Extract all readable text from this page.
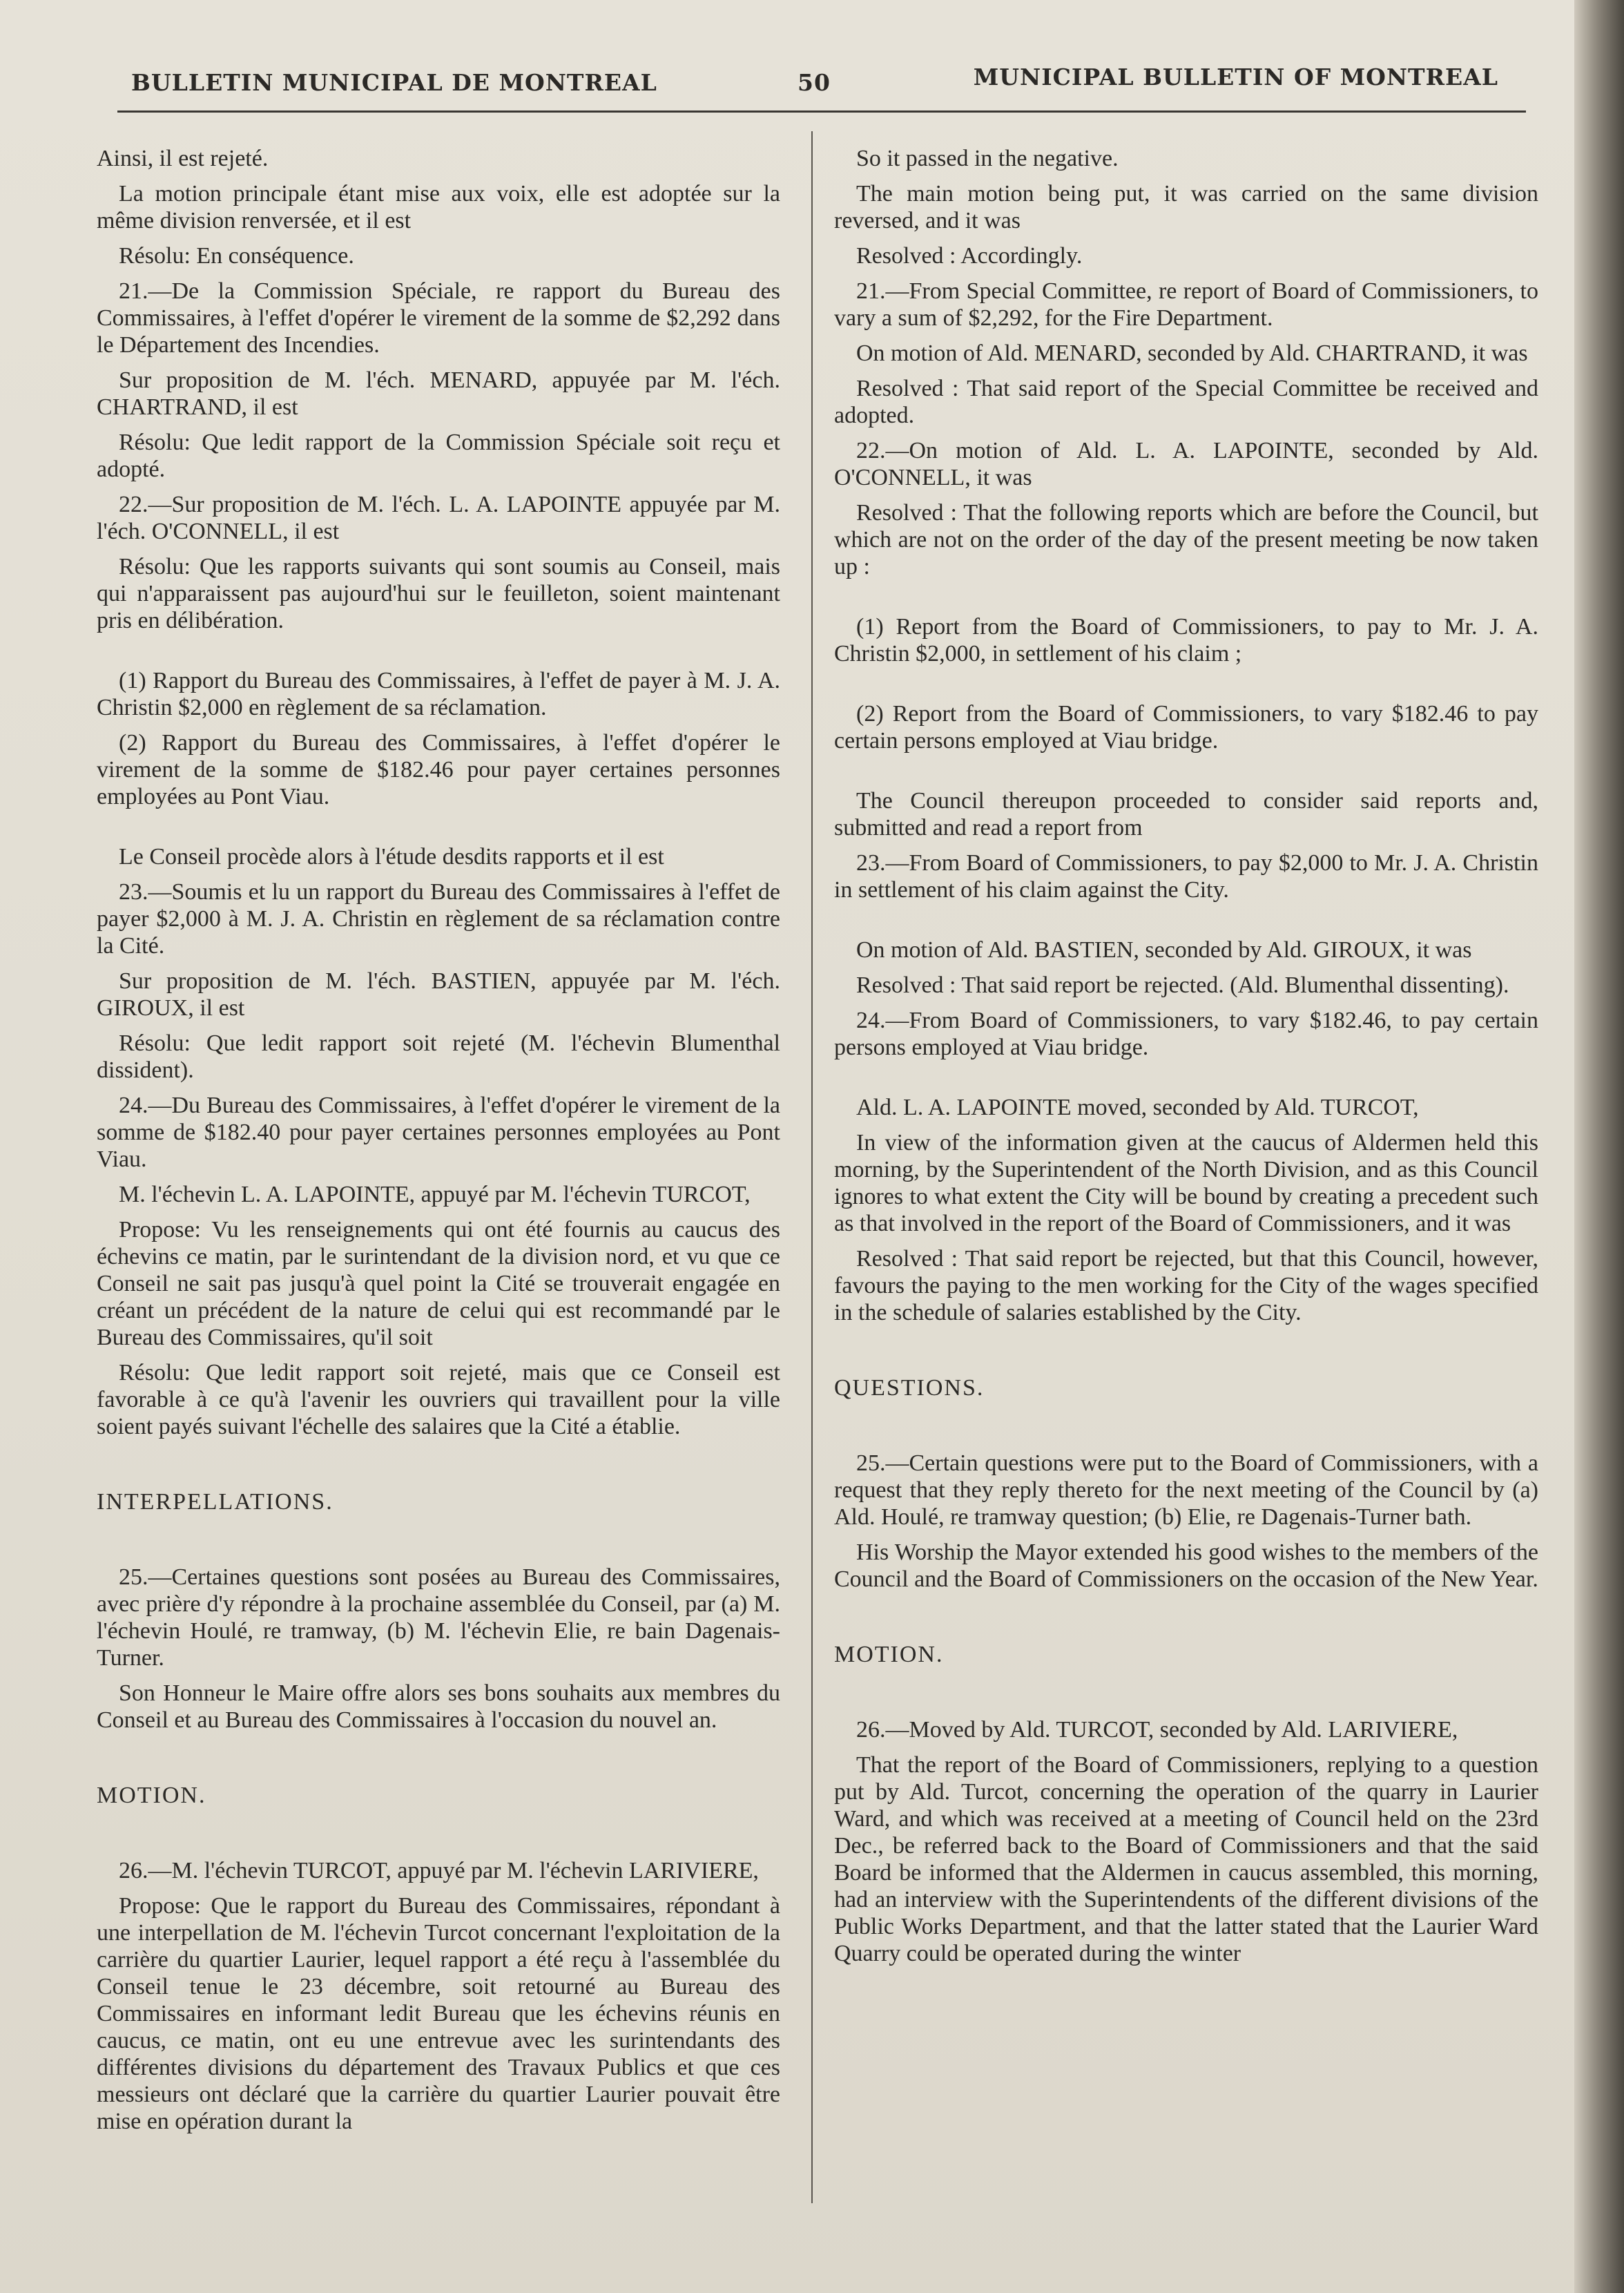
BULLETIN MUNICIPAL DE MONTREAL	50	MUNICIPAL BULLETIN OF MONTREAL

Ainsi, il est rejeté.

La motion principale étant mise aux voix, elle est adoptée sur la même division renversée, et il est

Résolu: En conséquence.

21.—De la Commission Spéciale, re rapport du Bureau des Commissaires, à l'effet d'opérer le virement de la somme de $2,292 dans le Département des Incendies.

Sur proposition de M. l'éch. MENARD, appuyée par M. l'éch. CHARTRAND, il est

Résolu: Que ledit rapport de la Commission Spéciale soit reçu et adopté.

22.—Sur proposition de M. l'éch. L. A. LAPOINTE appuyée par M. l'éch. O'CONNELL, il est

Résolu: Que les rapports suivants qui sont soumis au Conseil, mais qui n'apparaissent pas aujourd'hui sur le feuilleton, soient maintenant pris en délibération.

(1) Rapport du Bureau des Commissaires, à l'effet de payer à M. J. A. Christin $2,000 en règlement de sa réclamation.

(2) Rapport du Bureau des Commissaires, à l'effet d'opérer le virement de la somme de $182.46 pour payer certaines personnes employées au Pont Viau.

Le Conseil procède alors à l'étude desdits rapports et il est

23.—Soumis et lu un rapport du Bureau des Commissaires à l'effet de payer $2,000 à M. J. A. Christin en règlement de sa réclamation contre la Cité.

Sur proposition de M. l'éch. BASTIEN, appuyée par M. l'éch. GIROUX, il est

Résolu: Que ledit rapport soit rejeté (M. l'échevin Blumenthal dissident).

24.—Du Bureau des Commissaires, à l'effet d'opérer le virement de la somme de $182.40 pour payer certaines personnes employées au Pont Viau.

M. l'échevin L. A. LAPOINTE, appuyé par M. l'échevin TURCOT,

Propose: Vu les renseignements qui ont été fournis au caucus des échevins ce matin, par le surintendant de la division nord, et vu que ce Conseil ne sait pas jusqu'à quel point la Cité se trouverait engagée en créant un précédent de la nature de celui qui est recommandé par le Bureau des Commissaires, qu'il soit

Résolu: Que ledit rapport soit rejeté, mais que ce Conseil est favorable à ce qu'à l'avenir les ouvriers qui travaillent pour la ville soient payés suivant l'échelle des salaires que la Cité a établie.

INTERPELLATIONS.

25.—Certaines questions sont posées au Bureau des Commissaires, avec prière d'y répondre à la prochaine assemblée du Conseil, par (a) M. l'échevin Houlé, re tramway, (b) M. l'échevin Elie, re bain Dagenais-Turner.

Son Honneur le Maire offre alors ses bons souhaits aux membres du Conseil et au Bureau des Commissaires à l'occasion du nouvel an.

MOTION.

26.—M. l'échevin TURCOT, appuyé par M. l'échevin LARIVIERE,

Propose: Que le rapport du Bureau des Commissaires, répondant à une interpellation de M. l'échevin Turcot concernant l'exploitation de la carrière du quartier Laurier, lequel rapport a été reçu à l'assemblée du Conseil tenue le 23 décembre, soit retourné au Bureau des Commissaires en informant ledit Bureau que les échevins réunis en caucus, ce matin, ont eu une entrevue avec les surintendants des différentes divisions du département des Travaux Publics et que ces messieurs ont déclaré que la carrière du quartier Laurier pouvait être mise en opération durant la

So it passed in the negative.

The main motion being put, it was carried on the same division reversed, and it was

Resolved : Accordingly.

21.—From Special Committee, re report of Board of Commissioners, to vary a sum of $2,292, for the Fire Department.

On motion of Ald. MENARD, seconded by Ald. CHARTRAND, it was

Resolved : That said report of the Special Committee be received and adopted.

22.—On motion of Ald. L. A. LAPOINTE, seconded by Ald. O'CONNELL, it was

Resolved : That the following reports which are before the Council, but which are not on the order of the day of the present meeting be now taken up :

(1) Report from the Board of Commissioners, to pay to Mr. J. A. Christin $2,000, in settlement of his claim ;

(2) Report from the Board of Commissioners, to vary $182.46 to pay certain persons employed at Viau bridge.

The Council thereupon proceeded to consider said reports and, submitted and read a report from

23.—From Board of Commissioners, to pay $2,000 to Mr. J. A. Christin in settlement of his claim against the City.

On motion of Ald. BASTIEN, seconded by Ald. GIROUX, it was

Resolved : That said report be rejected. (Ald. Blumenthal dissenting).

24.—From Board of Commissioners, to vary $182.46, to pay certain persons employed at Viau bridge.

Ald. L. A. LAPOINTE moved, seconded by Ald. TURCOT,

In view of the information given at the caucus of Aldermen held this morning, by the Superintendent of the North Division, and as this Council ignores to what extent the City will be bound by creating a precedent such as that involved in the report of the Board of Commissioners, and it was

Resolved : That said report be rejected, but that this Council, however, favours the paying to the men working for the City of the wages specified in the schedule of salaries established by the City.

QUESTIONS.

25.—Certain questions were put to the Board of Commissioners, with a request that they reply thereto for the next meeting of the Council by (a) Ald. Houlé, re tramway question; (b) Elie, re Dagenais-Turner bath.

His Worship the Mayor extended his good wishes to the members of the Council and the Board of Commissioners on the occasion of the New Year.

MOTION.

26.—Moved by Ald. TURCOT, seconded by Ald. LARIVIERE,

That the report of the Board of Commissioners, replying to a question put by Ald. Turcot, concerning the operation of the quarry in Laurier Ward, and which was received at a meeting of Council held on the 23rd Dec., be referred back to the Board of Commissioners and that the said Board be informed that the Aldermen in caucus assembled, this morning, had an interview with the Superintendents of the different divisions of the Public Works Department, and that the latter stated that the Laurier Ward Quarry could be operated during the winter
